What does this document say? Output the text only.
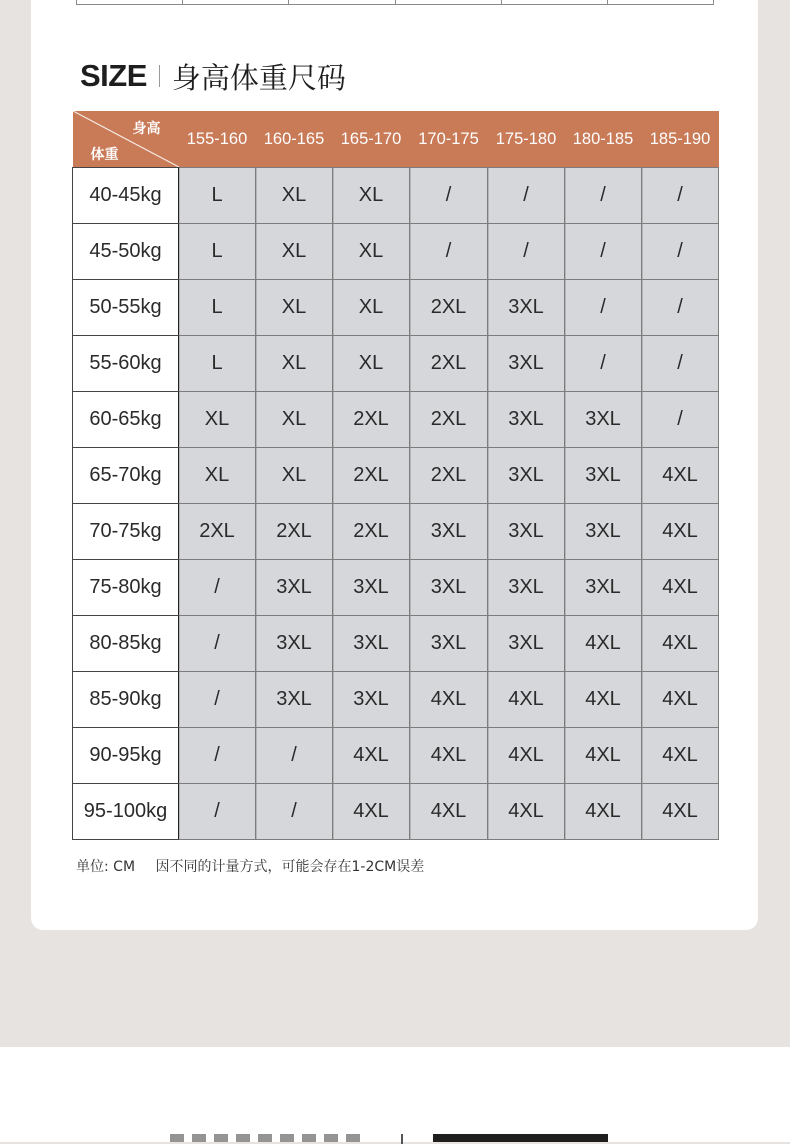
SIZE 身高体重尺码
身高
体重	155-160	160-165	165-170	170-175	175-180	180-185	185-190
40-45kg	L	XL	XL	/	/	/	/
45-50kg	L	XL	XL	/	/	/	/
50-55kg	L	XL	XL	2XL	3XL	/	/
55-60kg	L	XL	XL	2XL	3XL	/	/
60-65kg	XL	XL	2XL	2XL	3XL	3XL	/
65-70kg	XL	XL	2XL	2XL	3XL	3XL	4XL
70-75kg	2XL	2XL	2XL	3XL	3XL	3XL	4XL
75-80kg	/	3XL	3XL	3XL	3XL	3XL	4XL
80-85kg	/	3XL	3XL	3XL	3XL	4XL	4XL
85-90kg	/	3XL	3XL	4XL	4XL	4XL	4XL
90-95kg	/	/	4XL	4XL	4XL	4XL	4XL
95-100kg	/	/	4XL	4XL	4XL	4XL	4XL
单位: CM 因不同的计量方式，可能会存在1-2CM误差
